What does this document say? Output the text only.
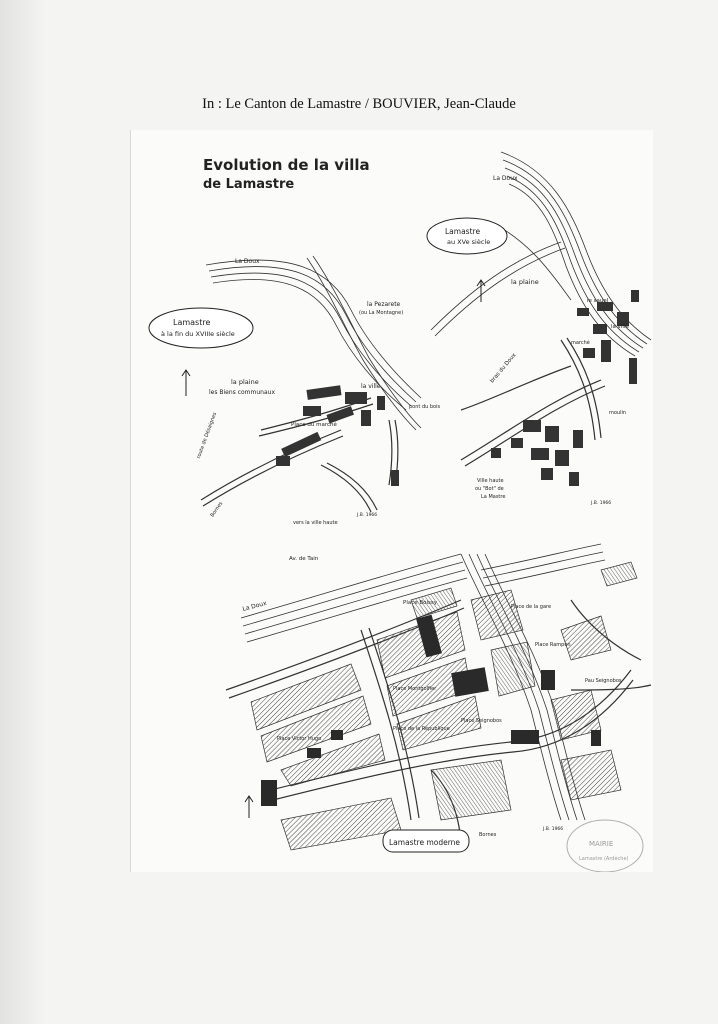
In : Le Canton de Lamastre / BOUVIER, Jean-Claude
Evolution de la villa
de Lamastre
Lamastre
à la fin du XVIIIe siècle
La Doux
la plaine
les Biens communaux
la Pezarete
(ou La Montagne)
la ville
Place du marché
pont du bois
route de Désaignes
Bornes
vers la ville haute
J.B. 1966
Lamastre
au XVe siècle
La Doux
la plaine
bras du Doux
le sauel
la ville
marché
moulin
Ville haute
ou "Bot" de
La Mastre
J.B. 1966
Lamastre moderne
La Doux
Av. de Tain
Place Boissy
Place de la gare
Place Rampon
Place Montgolfier
Place Seignobos
Place de la République
Pau Seignobos
Place Victor Hugo
Bornes
J.B. 1966
MAIRIE
Lamastre (Ardèche)
